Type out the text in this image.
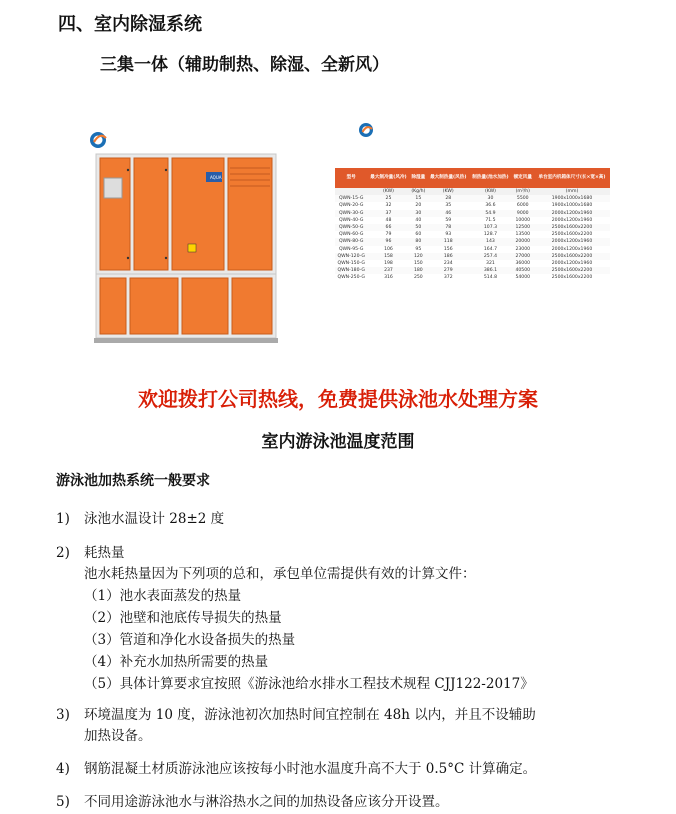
四、室内除湿系统
三集一体（辅助制热、除湿、全新风）
AQUA	型号	最大制冷量(风冷)	除湿量	最大制热量(风热)	制热量(池水加热)	额定风量	单台室内机箱体尺寸(长×宽×高)
	(KW)	(Kg/h)	(KW)	(KW)	(m³/h)	(mm)
QWN-15-G	25	15	28	30	5500	1900x1000x1680
QWN-20-G	32	20	35	36.6	6000	1900x1000x1680
QWN-30-G	37	30	46	54.9	9000	2000x1200x1960
QWN-40-G	48	40	59	71.5	10000	2000x1200x1960
QWN-50-G	66	50	78	107.3	12500	2500x1600x2200
QWN-60-G	79	60	93	128.7	13500	2500x1600x2200
QWN-80-G	96	80	118	143	20000	2000x1200x1960
QWN-95-G	106	95	156	164.7	23000	2000x1200x1960
QWN-120-G	158	120	186	257.4	27000	2500x1600x2200
QWN-150-G	198	150	234	321	36000	2000x1200x1960
QWN-180-G	237	180	279	386.1	40500	2500x1600x2200
QWN-250-G	316	250	372	514.8	54000	2500x1600x2200
欢迎拨打公司热线，免费提供泳池水处理方案
室内游泳池温度范围
游泳池加热系统一般要求
1) 泳池水温设计 28±2 度
2) 耗热量
池水耗热量因为下列项的总和，承包单位需提供有效的计算文件：
（1）池水表面蒸发的热量
（2）池壁和池底传导损失的热量
（3）管道和净化水设备损失的热量
（4）补充水加热所需要的热量
（5）具体计算要求宜按照《游泳池给水排水工程技术规程 CJJ122-2017》
3) 环境温度为 10 度，游泳池初次加热时间宜控制在 48h 以内，并且不设辅助
加热设备。
4) 钢筋混凝土材质游泳池应该按每小时池水温度升高不大于 0.5°C 计算确定。
5) 不同用途游泳池水与淋浴热水之间的加热设备应该分开设置。
